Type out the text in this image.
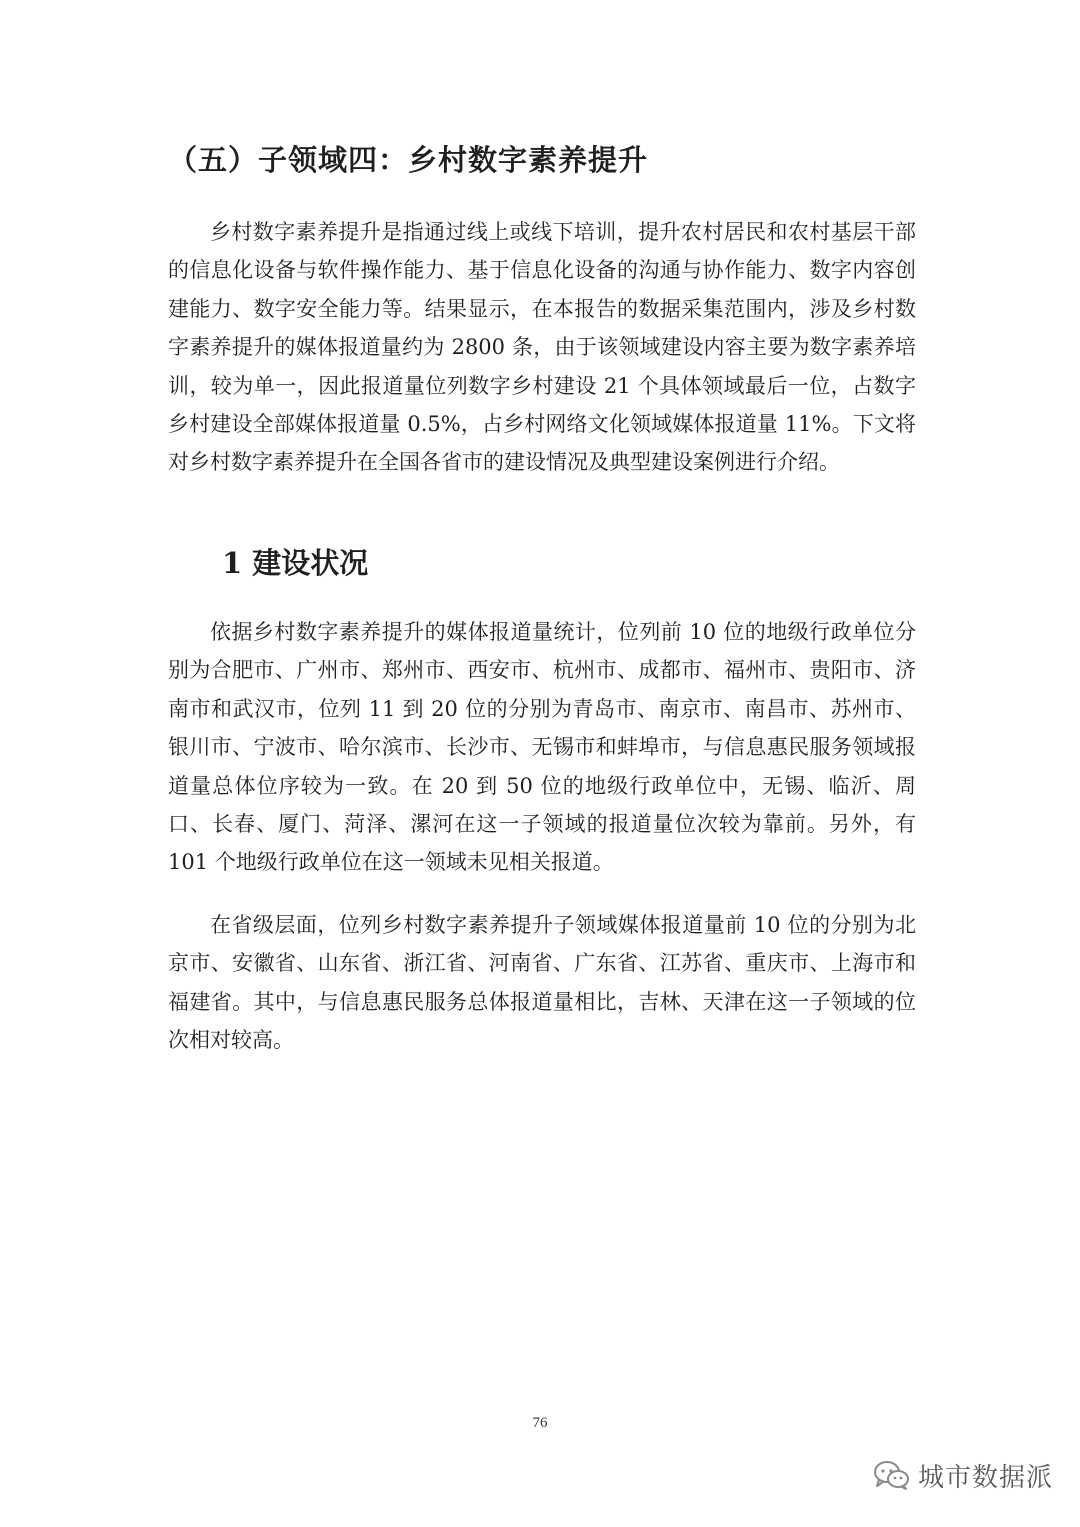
（五）子领域四：乡村数字素养提升

乡村数字素养提升是指通过线上或线下培训，提升农村居民和农村基层干部的信息化设备与软件操作能力、基于信息化设备的沟通与协作能力、数字内容创建能力、数字安全能力等。结果显示，在本报告的数据采集范围内，涉及乡村数字素养提升的媒体报道量约为 2800 条，由于该领域建设内容主要为数字素养培训，较为单一，因此报道量位列数字乡村建设 21 个具体领域最后一位，占数字乡村建设全部媒体报道量 0.5%，占乡村网络文化领域媒体报道量 11%。下文将对乡村数字素养提升在全国各省市的建设情况及典型建设案例进行介绍。

1 建设状况

依据乡村数字素养提升的媒体报道量统计，位列前 10 位的地级行政单位分别为合肥市、广州市、郑州市、西安市、杭州市、成都市、福州市、贵阳市、济南市和武汉市，位列 11 到 20 位的分别为青岛市、南京市、南昌市、苏州市、银川市、宁波市、哈尔滨市、长沙市、无锡市和蚌埠市，与信息惠民服务领域报道量总体位序较为一致。在 20 到 50 位的地级行政单位中，无锡、临沂、周口、长春、厦门、菏泽、漯河在这一子领域的报道量位次较为靠前。另外，有 101 个地级行政单位在这一领域未见相关报道。

在省级层面，位列乡村数字素养提升子领域媒体报道量前 10 位的分别为北京市、安徽省、山东省、浙江省、河南省、广东省、江苏省、重庆市、上海市和福建省。其中，与信息惠民服务总体报道量相比，吉林、天津在这一子领域的位次相对较高。

76
城市数据派
